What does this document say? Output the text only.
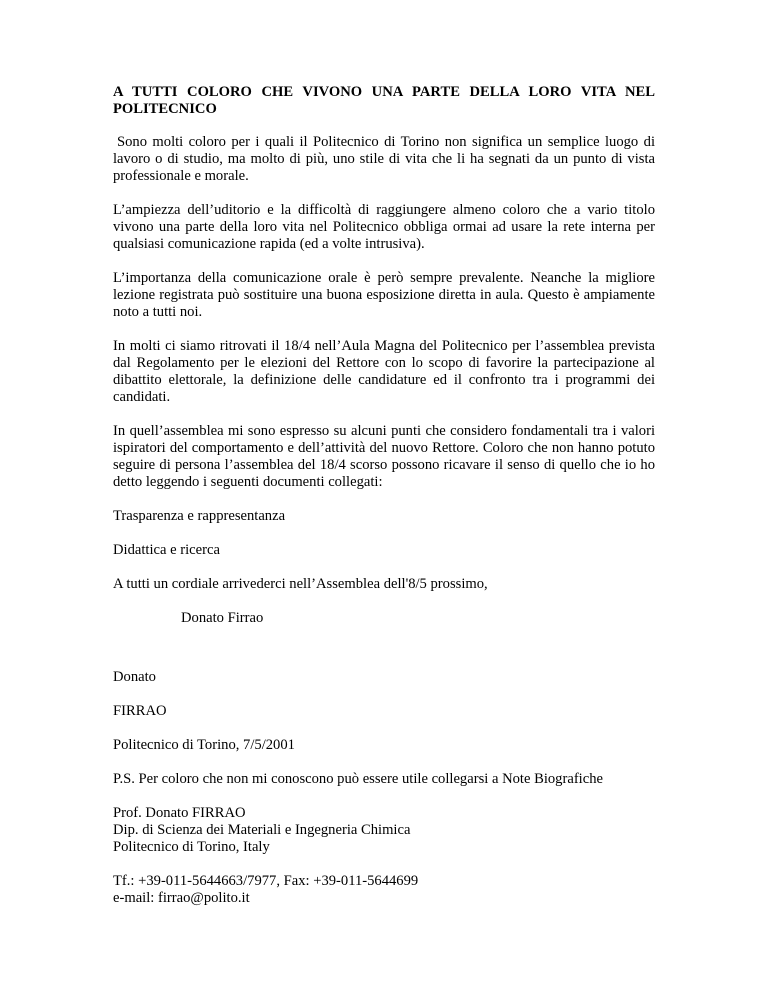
A TUTTI COLORO CHE VIVONO UNA PARTE DELLA LORO VITA NEL POLITECNICO

Sono molti coloro per i quali il Politecnico di Torino non significa un semplice luogo di lavoro o di studio, ma molto di più, uno stile di vita che li ha segnati da un punto di vista professionale e morale.

L’ampiezza dell’uditorio e la difficoltà di raggiungere almeno coloro che a vario titolo vivono una parte della loro vita nel Politecnico obbliga ormai ad usare la rete interna per qualsiasi comunicazione rapida (ed a volte intrusiva).

L’importanza della comunicazione orale è però sempre prevalente. Neanche la migliore lezione registrata può sostituire una buona esposizione diretta in aula. Questo è ampiamente noto a tutti noi.

In molti ci siamo ritrovati il 18/4 nell’Aula Magna del Politecnico per l’assemblea prevista dal Regolamento per le elezioni del Rettore con lo scopo di favorire la partecipazione al dibattito elettorale, la definizione delle candidature ed il confronto tra i programmi dei candidati.

In quell’assemblea mi sono espresso su alcuni punti che considero fondamentali tra i valori ispiratori del comportamento e dell’attività del nuovo Rettore. Coloro che non hanno potuto seguire di persona l’assemblea del 18/4 scorso possono ricavare il senso di quello che io ho detto leggendo i seguenti documenti collegati:

Trasparenza e rappresentanza

Didattica e ricerca

A tutti un cordiale arrivederci nell’Assemblea dell'8/5 prossimo,

Donato Firrao

Donato

FIRRAO

Politecnico di Torino, 7/5/2001

P.S. Per coloro che non mi conoscono può essere utile collegarsi a Note Biografiche

Prof. Donato FIRRAO
Dip. di Scienza dei Materiali e Ingegneria Chimica
Politecnico di Torino, Italy
Tf.: +39-011-5644663/7977, Fax: +39-011-5644699
e-mail: firrao@polito.it
